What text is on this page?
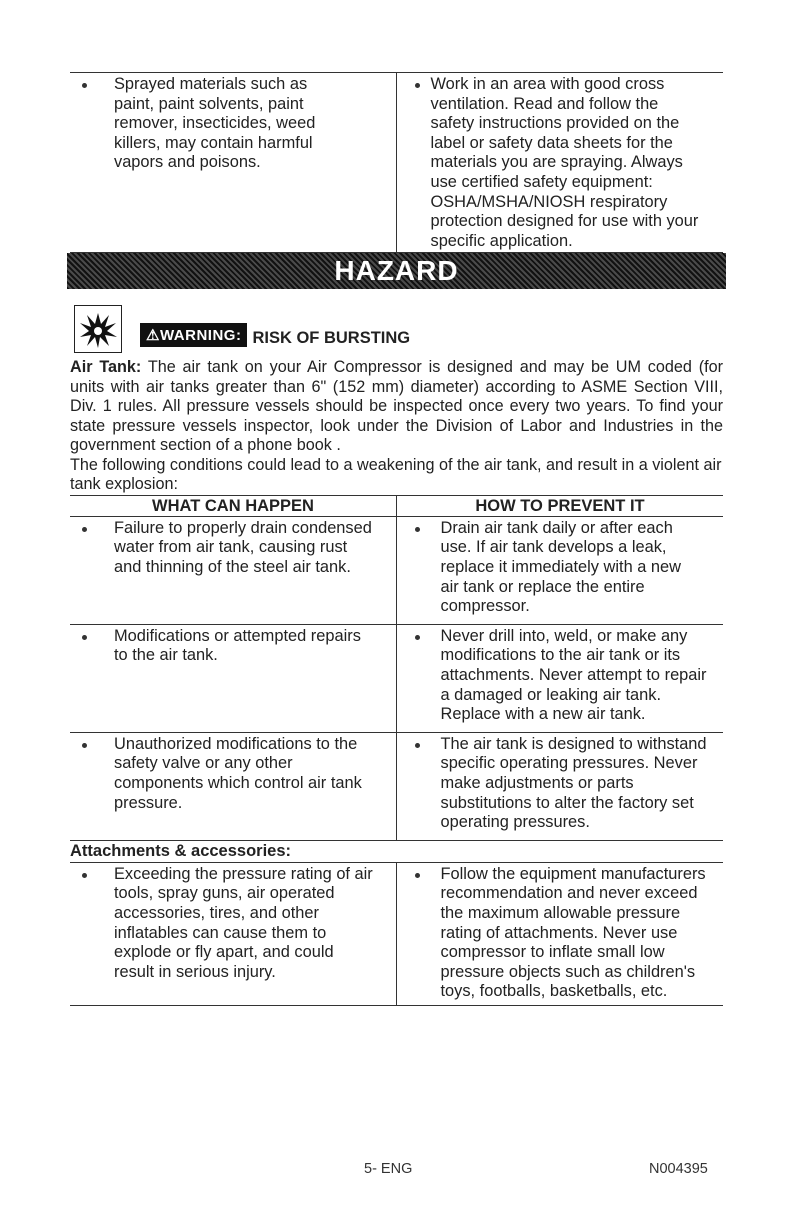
Sprayed materials such as paint, paint solvents, paint remover, insecticides, weed killers, may contain harmful vapors and poisons.
Work in an area with good cross ventilation. Read and follow the safety instructions provided on the label or safety data sheets for the materials you are spraying. Always use certified safety equipment: OSHA/MSHA/NIOSH respiratory protection designed for use with your specific application.
HAZARD
⚠WARNING: RISK OF BURSTING

Air Tank: The air tank on your Air Compressor is designed and may be UM coded (for units with air tanks greater than 6" (152 mm) diameter) according to ASME Section VIII, Div. 1 rules. All pressure vessels should be inspected once every two years. To find your state pressure vessels inspector, look under the Division of Labor and Industries in the government section of a phone book .

The following conditions could lead to a weakening of the air tank, and result in a violent air tank explosion:

WHAT CAN HAPPEN	HOW TO PREVENT IT
Failure to properly drain condensed water from air tank, causing rust and thinning of the steel air tank.
Drain air tank daily or after each use. If air tank develops a leak, replace it immediately with a new air tank or replace the entire compressor.
Modifications or attempted repairs to the air tank.
Never drill into, weld, or make any modifications to the air tank or its attachments. Never attempt to repair a damaged or leaking air tank. Replace with a new air tank.
Unauthorized modifications to the safety valve or any other components which control air tank pressure.
The air tank is designed to withstand specific operating pressures. Never make adjustments or parts substitutions to alter the factory set operating pressures.
Attachments & accessories:
Exceeding the pressure rating of air tools, spray guns, air operated accessories, tires, and other inflatables can cause them to explode or fly apart, and could result in serious injury.
Follow the equipment manufacturers recommendation and never exceed the maximum allowable pressure rating of attachments. Never use compressor to inflate small low pressure objects such as children's toys, footballs, basketballs, etc.
5- ENG	N004395
